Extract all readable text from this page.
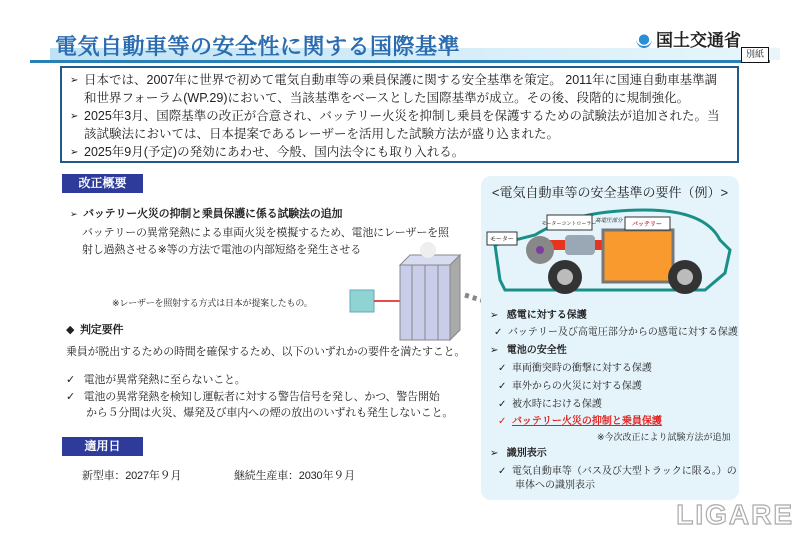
電気自動車等の安全性に関する国際基準	国土交通省
別紙
➢ 日本では、2007年に世界で初めて電気自動車等の乗員保護に関する安全基準を策定。 2011年に国連自動車基準調和世界フォーラム(WP.29)において、当該基準をベースとした国際基準が成立。その後、段階的に規制強化。
➢ 2025年3月、国際基準の改正が合意され、バッテリー火災を抑制し乗員を保護するための試験法が追加された。当該試験法においては、日本提案であるレーザーを活用した試験方法が盛り込まれた。
➢ 2025年9月(予定)の発効にあわせ、今般、国内法令にも取り入れる。
改正概要
➢ バッテリー火災の抑制と乗員保護に係る試験法の追加
バッテリーの異常発熱による車両火災を模擬するため、電池にレーザーを照
射し過熱させる※等の方法で電池の内部短絡を発生させる
※レーザーを照射する方式は日本が提案したもの。
◆  判定要件
乗員が脱出するための時間を確保するため、以下のいずれかの要件を満たすこと。
✓   電池が異常発熱に至らないこと。
✓   電池の異常発熱を検知し運転者に対する警告信号を発し、かつ、警告開始
から５分間は火災、爆発及び車内への煙の放出のいずれも発生しないこと。
適用日
新型車：2027年９月	継続生産車：2030年９月
<電気自動車等の安全基準の要件（例）>
モーター
モーターコントローラー
高電圧部分
バッテリー
➢   感電に対する保護
✓  バッテリー及び高電圧部分からの感電に対する保護
➢   電池の安全性
✓  車両衝突時の衝撃に対する保護
✓  車外からの火災に対する保護
✓  被水時における保護
✓  バッテリー火災の抑制と乗員保護
※今次改正により試験方法が追加
➢   識別表示
✓  電気自動車等（バス及び大型トラックに限る。）の
車体への識別表示
LIGARE
